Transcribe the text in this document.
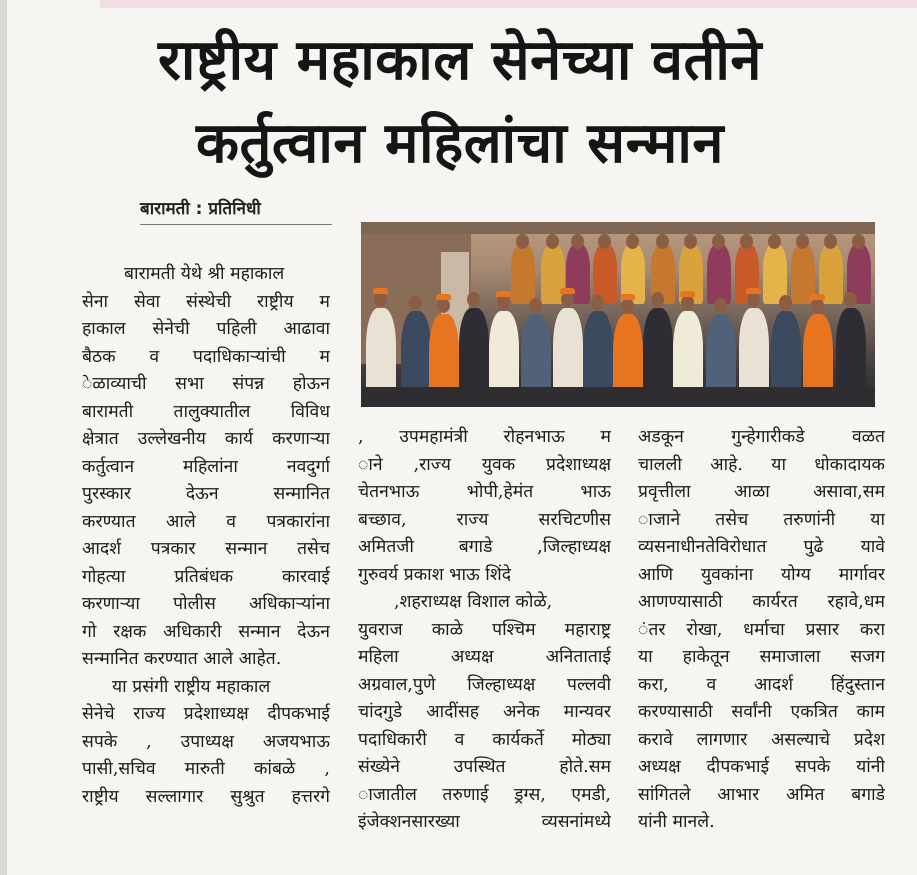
राष्ट्रीय महाकाल सेनेच्या वतीने
कर्तुत्वान महिलांचा सन्मान
बारामती : प्रतिनिधी
बारामती येथे श्री महाकाल
सेना सेवा संस्थेची राष्ट्रीय म
हाकाल सेनेची पहिली आढावा
बैठक व पदाधिकाऱ्यांची म
ेळाव्याची सभा संपन्न होऊन
बारामती तालुक्यातील विविध
क्षेत्रात उल्लेखनीय कार्य करणाऱ्या
कर्तुत्वान महिलांना नवदुर्गा
पुरस्कार देऊन सन्मानित
करण्यात आले व पत्रकारांना
आदर्श पत्रकार सन्मान तसेच
गोहत्या प्रतिबंधक कारवाई
करणाऱ्या पोलीस अधिकाऱ्यांना
गो रक्षक अधिकारी सन्मान देऊन
सन्मानित करण्यात आले आहेत.
या प्रसंगी राष्ट्रीय महाकाल
सेनेचे राज्य प्रदेशाध्यक्ष दीपकभाई
सपके , उपाध्यक्ष अजयभाऊ
पासी,सचिव मारुती कांबळे ,
राष्ट्रीय सल्लागार सुश्रुत हत्तरगे
, उपमहामंत्री रोहनभाऊ म
ाने ,राज्य युवक प्रदेशाध्यक्ष
चेतनभाऊ भोपी,हेमंत भाऊ
बच्छाव, राज्य सरचिटणीस
अमितजी बगाडे ,जिल्हाध्यक्ष
गुरुवर्य प्रकाश भाऊ शिंदे
,शहराध्यक्ष विशाल कोळे,
युवराज काळे पश्चिम महाराष्ट्र
महिला अध्यक्ष अनिताताई
अग्रवाल,पुणे जिल्हाध्यक्ष पल्लवी
चांदगुडे आदींसह अनेक मान्यवर
पदाधिकारी व कार्यकर्ते मोठ्या
संख्येने उपस्थित होते.सम
ाजातील तरुणाई ड्रग्स, एमडी,
इंजेक्शनसारख्या व्यसनांमध्ये
अडकून गुन्हेगारीकडे वळत
चालली आहे. या धोकादायक
प्रवृत्तीला आळा असावा,सम
ाजाने तसेच तरुणांनी या
व्यसनाधीनतेविरोधात पुढे यावे
आणि युवकांना योग्य मार्गावर
आणण्यासाठी कार्यरत रहावे,धम
ंतर रोखा, धर्माचा प्रसार करा
या हाकेतून समाजाला सजग
करा, व आदर्श हिंदुस्तान
करण्यासाठी सर्वांनी एकत्रित काम
करावे लागणार असल्याचे प्रदेश
अध्यक्ष दीपकभाई सपके यांनी
सांगितले आभार अमित बगाडे
यांनी मानले.
